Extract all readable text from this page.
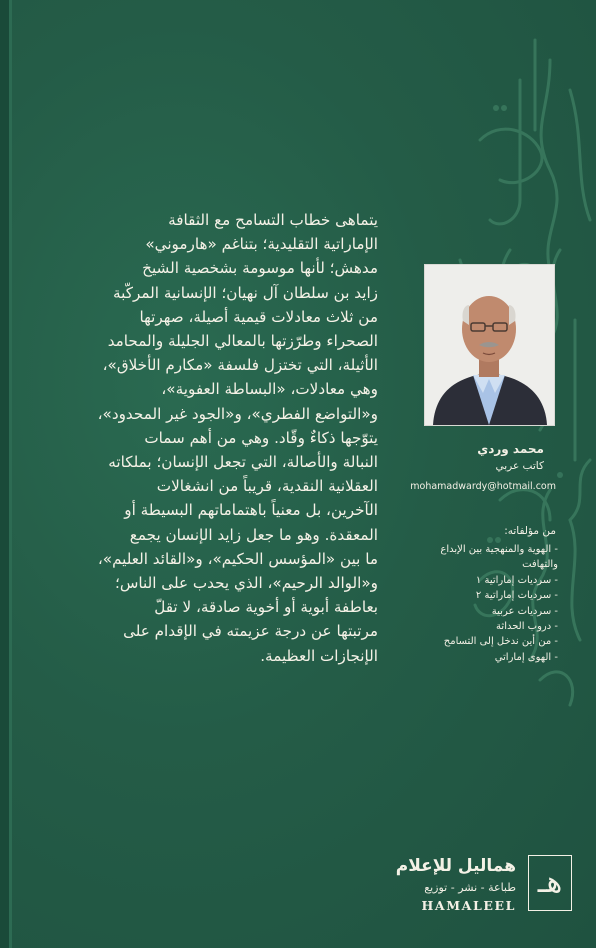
يتماهى خطاب التسامح مع الثقافة
الإماراتية التقليدية؛ بتناغم «هارموني»
مدهش؛ لأنها موسومة بشخصية الشيخ
زايد بن سلطان آل نهيان؛ الإنسانية المركّبة
من ثلاث معادلات قيمية أصيلة، صهرتها
الصحراء وطرّزتها بالمعالي الجليلة والمحامد
الأثيلة، التي تختزل فلسفة «مكارم الأخلاق»،
وهي معادلات، «البساطة العفوية»،
و«التواضع الفطري»، و«الجود غير المحدود»،
يتوّجها ذكاءٌ وقّاد. وهي من أهم سمات
النبالة والأصالة، التي تجعل الإنسان؛ بملكاته
العقلانية النقدية، قريباً من انشغالات
الآخرين، بل معنياً باهتماماتهم البسيطة أو
المعقدة. وهو ما جعل زايد الإنسان يجمع
ما بين «المؤسس الحكيم»، و«القائد العليم»،
و«الوالد الرحيم»، الذي يحدب على الناس؛
بعاطفة أبوية أو أخوية صادقة، لا تقلّ
مرتبتها عن درجة عزيمته في الإقدام على
الإنجازات العظيمة.
محمد وردي
كاتب عربي
mohamadwardy@hotmail.com
من مؤلفاته:
- الهوية والمنهجية بين الإبداع
والتهافت
- سرديات إماراتية ١
- سرديات إماراتية ٢
- سرديات عربية
- دروب الحداثة
- من أين ندخل إلى التسامح
- الهوى إماراتي
هـ
هماليل للإعلام
طباعة - نشر - توزيع
HAMALEEL
